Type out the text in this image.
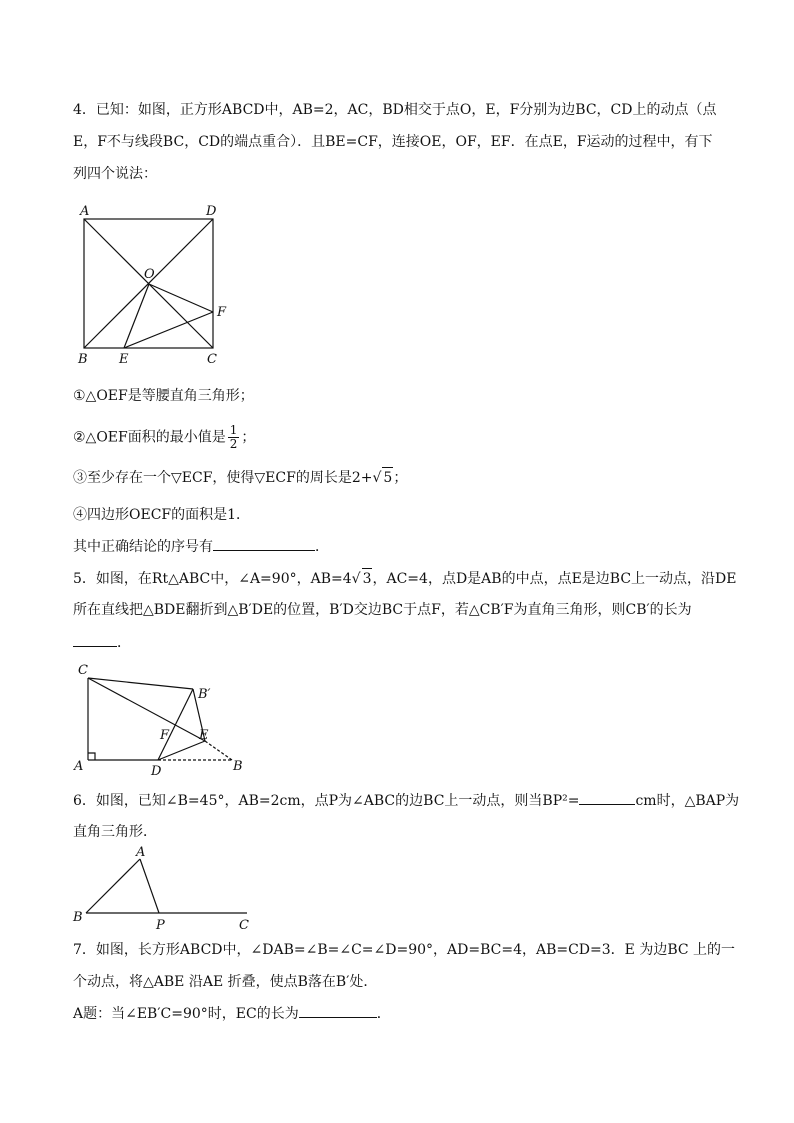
4．已知：如图，正方形ABCD中，AB=2，AC，BD相交于点O，E，F分别为边BC，CD上的动点（点
E，F不与线段BC，CD的端点重合）．且BE=CF，连接OE，OF，EF．在点E，F运动的过程中，有下
列四个说法：
A	D
O
F
B E	C
①△OEF是等腰直角三角形；
②△OEF面积的最小值是 $\frac{1}{2}$ ；
③至少存在一个▽ECF，使得▽ECF的周长是2+√ 5；
④四边形OECF的面积是1．
其中正确结论的序号有	．
5．如图，在Rt△ABC中，∠A=90°，AB=4√ 3，AC=4，点D是AB的中点，点E是边BC上一动点，沿DE
所在直线把△BDE翻折到△B′DE的位置，B′D交边BC于点F，若△CB′F为直角三角形，则CB′的长为
．
C
B′
F E
A	D	B
6．如图，已知∠B=45°，AB=2cm，点P为∠ABC的边BC上一动点，则当BP²=	cm时，△BAP为
直角三角形．
A
B
P	C
7．如图，长方形ABCD中，∠DAB=∠B=∠C=∠D=90°，AD=BC=4，AB=CD=3．E 为边BC 上的一
个动点，将△ABE 沿AE 折叠，使点B落在B′处．
A题：当∠EB′C=90°时，EC的长为	．
